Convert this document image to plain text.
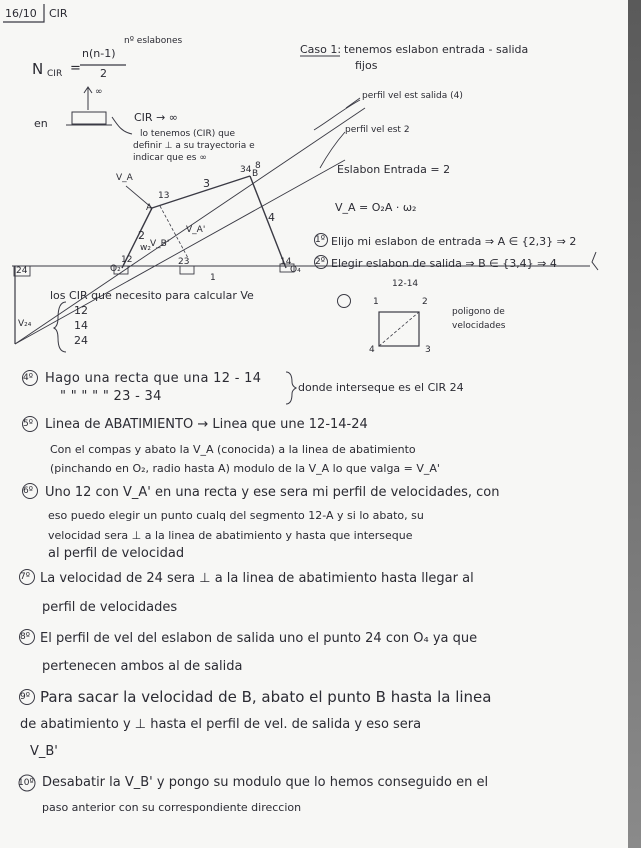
16/10 CIR
N CIR =
n(n-1)
2
nº eslabones
en	CIR → ∞
∞
lo tenemos (CIR) que
definir ⊥ a su trayectoria e
indicar que es ∞
Caso 1: tenemos eslabon entrada - salida
fijos
perfil vel est salida (4)
perfil vel est 2
Eslabon Entrada = 2
V_A = O₂A · ω₂
1º Elijo mi eslabon de entrada ⇒ A ∈ {2,3} ⇒ 2
2º Elegir eslabon de salida ⇒ B ∈ {3,4} ⇒ 4
V_A	3
4
2
1
13
34 8
12
A
O₂	O₄
24
V₂₄
V_A'
w₂
14
12-14
23
B
V_B'
los CIR que necesito para calcular Ve
12
14
24
1	2
3
4
poligono de
velocidades
4º Hago una recta que una 12 - 14
" " " " " 23 - 34
donde interseque es el CIR 24
5º Linea de ABATIMIENTO → Linea que une 12-14-24
Con el compas y abato la V_A (conocida) a la linea de abatimiento
(pinchando en O₂, radio hasta A) modulo de la V_A lo que valga = V_A'
6º Uno 12 con V_A' en una recta y ese sera mi perfil de velocidades, con
eso puedo elegir un punto cualq del segmento 12-A y si lo abato, su
velocidad sera ⊥ a la linea de abatimiento y hasta que interseque
al perfil de velocidad
7º La velocidad de 24 sera ⊥ a la linea de abatimiento hasta llegar al
perfil de velocidades
8º El perfil de vel del eslabon de salida uno el punto 24 con O₄ ya que
pertenecen ambos al de salida
9º Para sacar la velocidad de B, abato el punto B hasta la linea
de abatimiento y ⊥ hasta el perfil de vel. de salida y eso sera
V_B'
10º Desabatir la V_B' y pongo su modulo que lo hemos conseguido en el
paso anterior con su correspondiente direccion
